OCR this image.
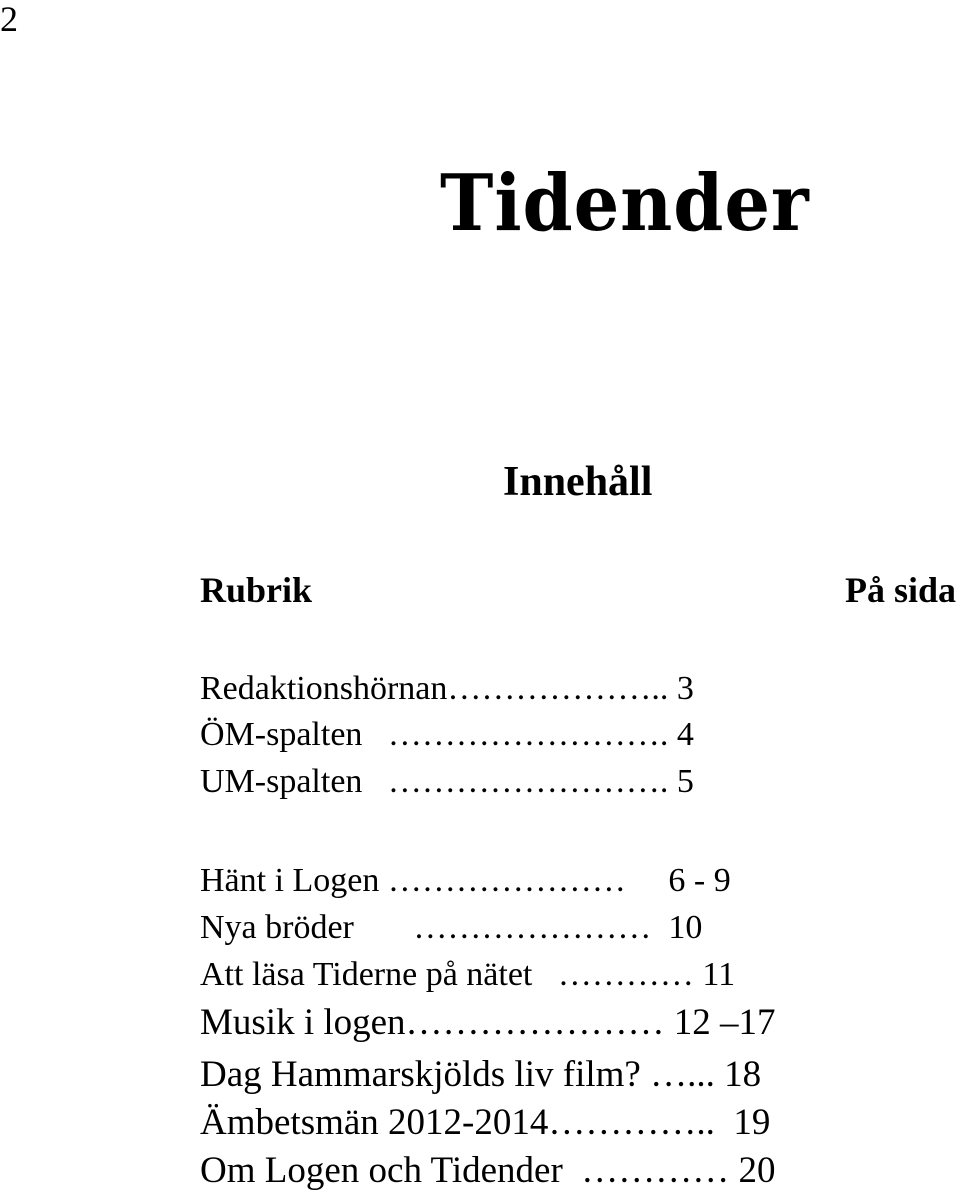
2
Tidender
Innehåll
Rubrik	På sida
Redaktionshörnan……………….. 3
ÖM-spalten   ……………………. 4
UM-spalten   ……………………. 5
Hänt i Logen …………………     6 - 9
Nya bröder       …………………  10
Att läsa Tiderne på nätet   ………… 11
Musik i logen………………… 12 –17
Dag Hammarskjölds liv film? …... 18
Ämbetsmän 2012-2014…………..  19
Om Logen och Tidender  ………… 20
